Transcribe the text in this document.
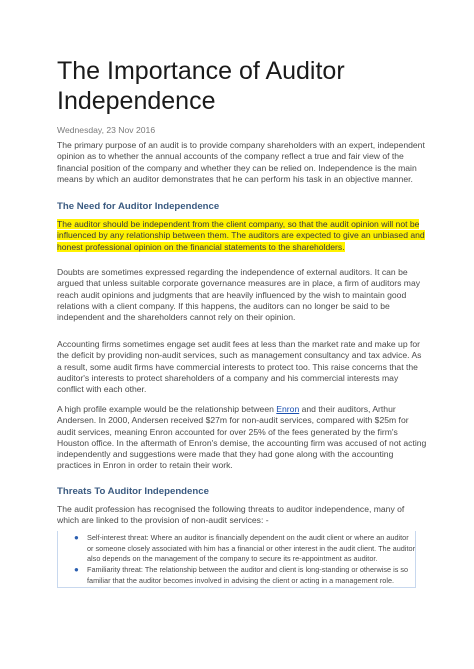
The Importance of Auditor Independence
Wednesday, 23 Nov 2016

The primary purpose of an audit is to provide company shareholders with an expert, independent opinion as to whether the annual accounts of the company reflect a true and fair view of the financial position of the company and whether they can be relied on. Independence is the main means by which an auditor demonstrates that he can perform his task in an objective manner.

The Need for Auditor Independence

The auditor should be independent from the client company, so that the audit opinion will not be influenced by any relationship between them. The auditors are expected to give an unbiased and honest professional opinion on the financial statements to the shareholders.

Doubts are sometimes expressed regarding the independence of external auditors. It can be argued that unless suitable corporate governance measures are in place, a firm of auditors may reach audit opinions and judgments that are heavily influenced by the wish to maintain good relations with a client company. If this happens, the auditors can no longer be said to be independent and the shareholders cannot rely on their opinion.

Accounting firms sometimes engage set audit fees at less than the market rate and make up for the deficit by providing non-audit services, such as management consultancy and tax advice. As a result, some audit firms have commercial interests to protect too. This raise concerns that the auditor's interests to protect shareholders of a company and his commercial interests may conflict with each other.

A high profile example would be the relationship between Enron and their auditors, Arthur Andersen. In 2000, Andersen received $27m for non-audit services, compared with $25m for audit services, meaning Enron accounted for over 25% of the fees generated by the firm's Houston office. In the aftermath of Enron's demise, the accounting firm was accused of not acting independently and suggestions were made that they had gone along with the accounting practices in Enron in order to retain their work.

Threats To Auditor Independence

The audit profession has recognised the following threats to auditor independence, many of which are linked to the provision of non-audit services: -

● Self-interest threat: Where an auditor is financially dependent on the audit client or where an auditor or someone closely associated with him has a financial or other interest in the audit client. The auditor also depends on the management of the company to secure its re-appointment as auditor.
● Familiarity threat: The relationship between the auditor and client is long-standing or otherwise is so familiar that the auditor becomes involved in advising the client or acting in a management role.
